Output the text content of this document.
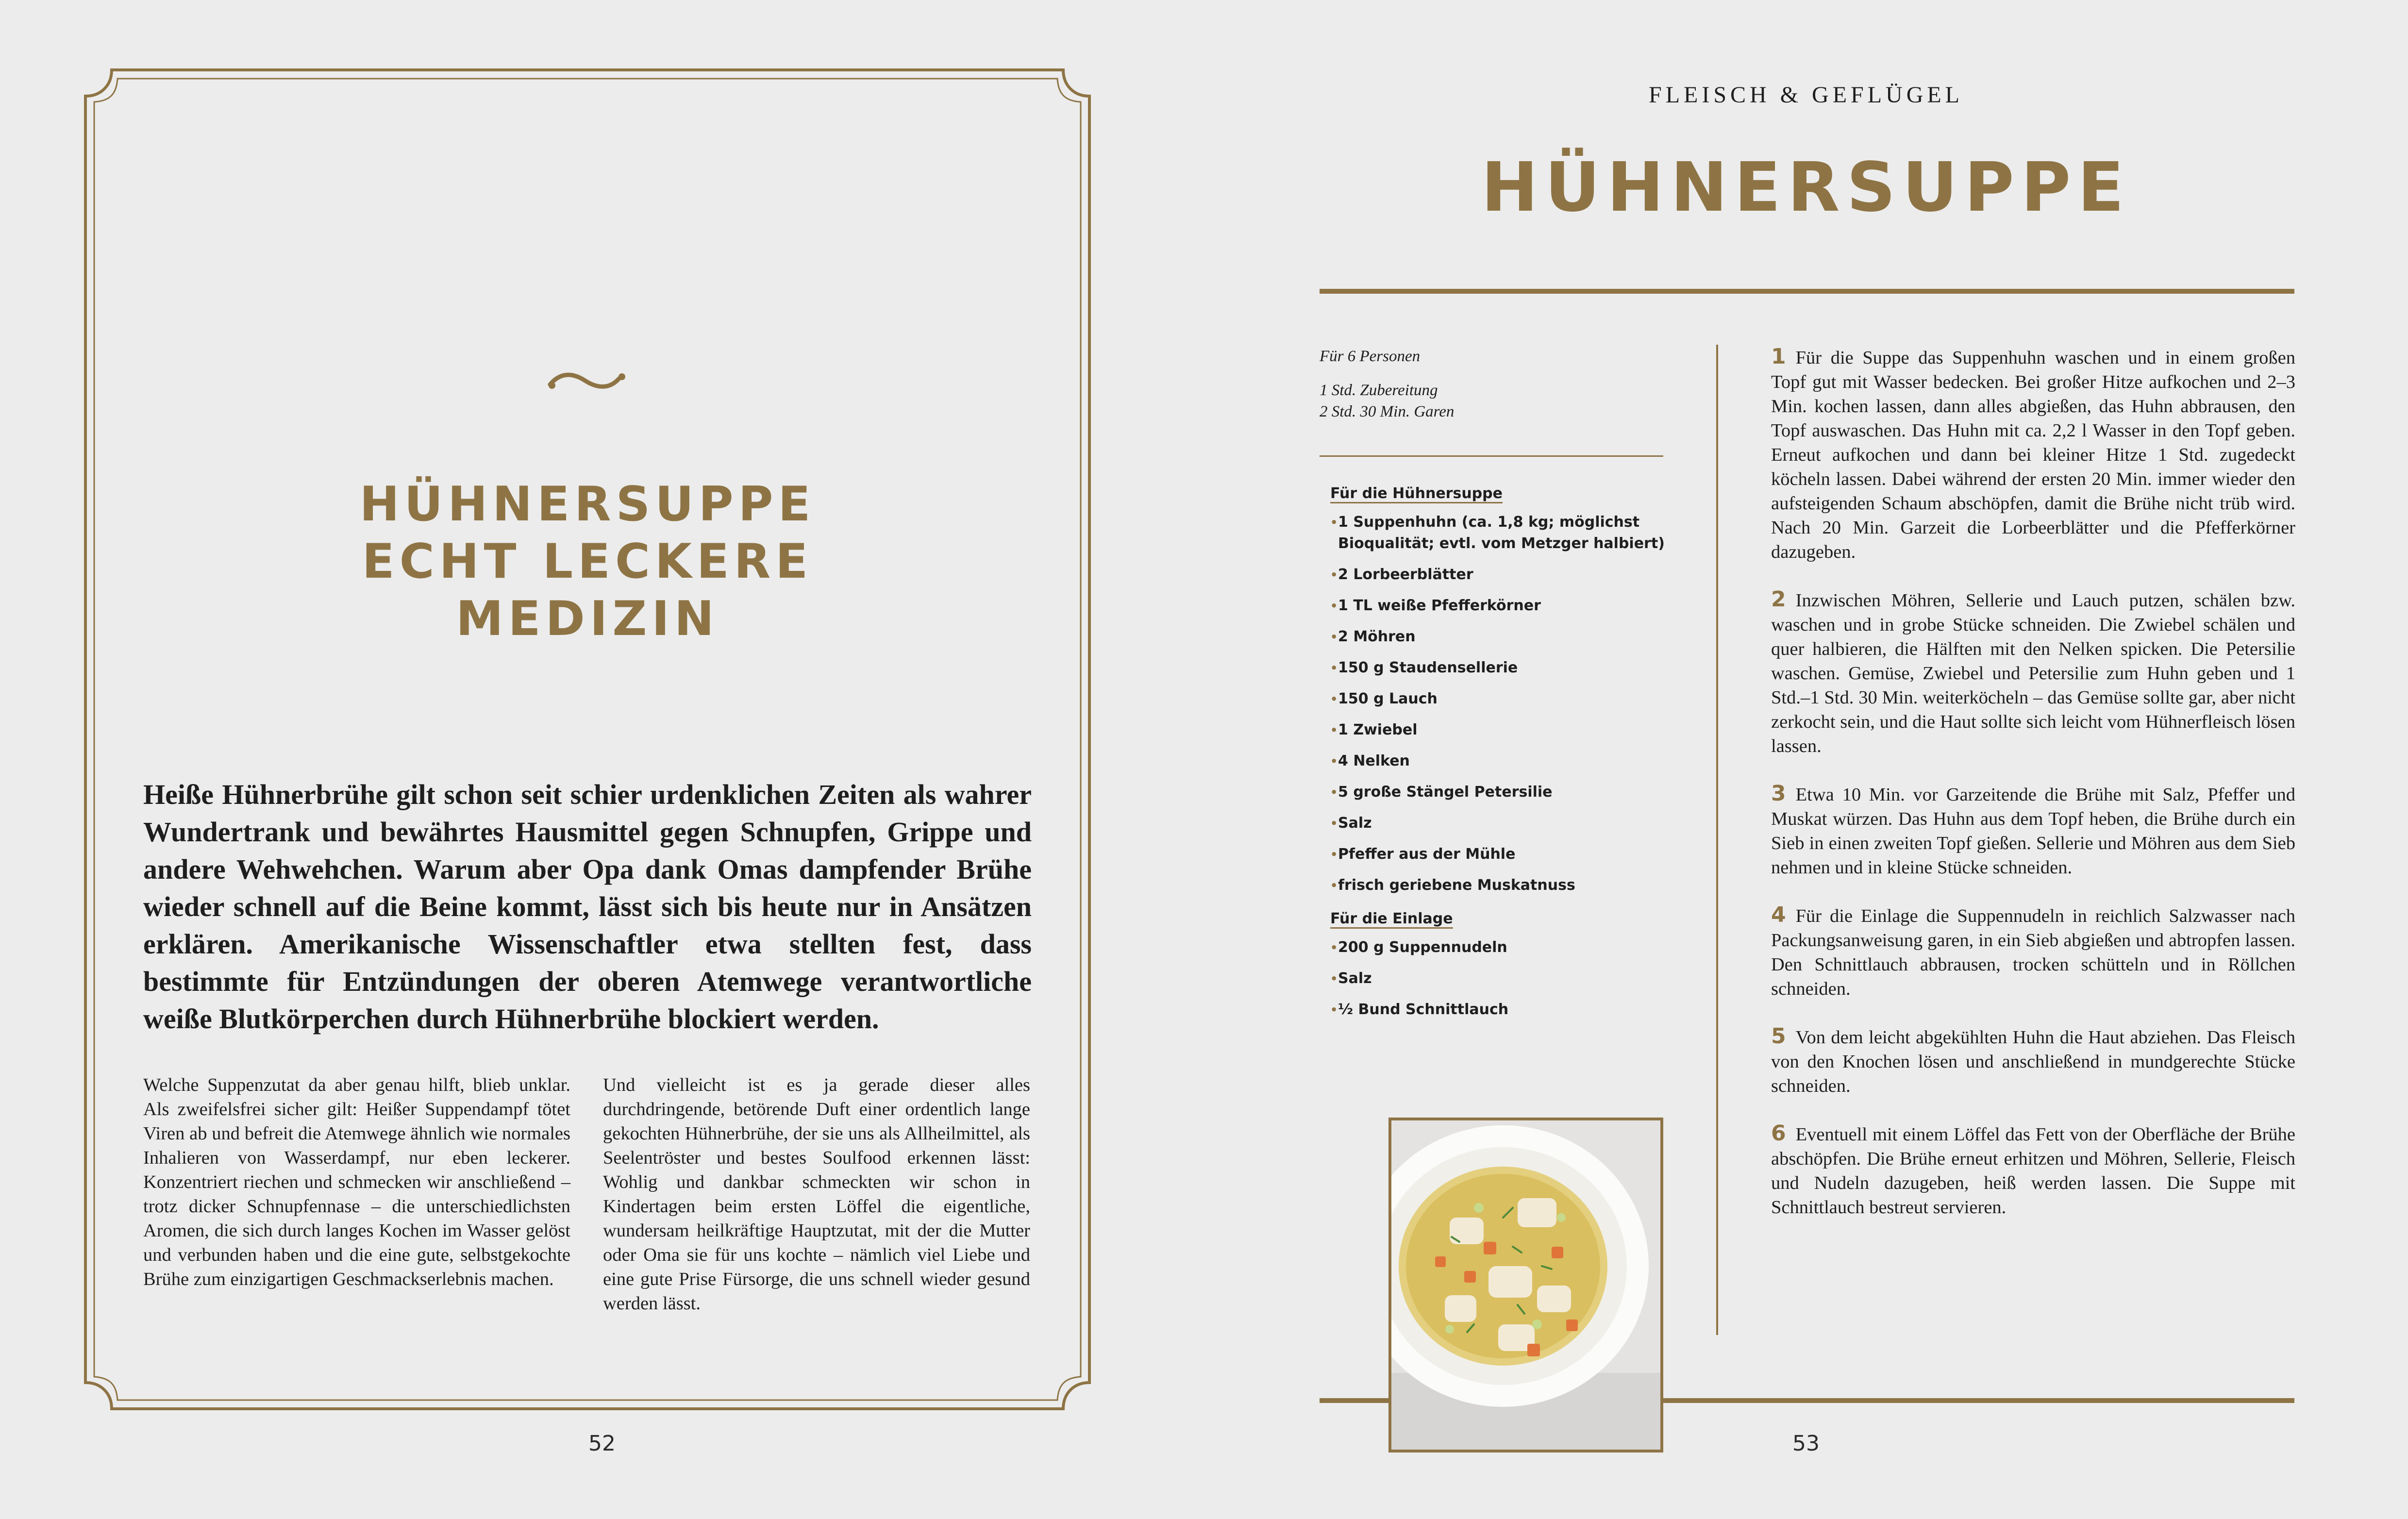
HÜHNERSUPPE
ECHT LECKERE MEDIZIN
Heiße Hühnerbrühe gilt schon seit schier urdenklichen Zeiten als wahrer Wundertrank und bewährtes Hausmittel gegen Schnupfen, Grippe und andere Wehwehchen. Warum aber Opa dank Omas dampfender Brühe wieder schnell auf die Beine kommt, lässt sich bis heute nur in Ansätzen erklären. Amerikanische Wissenschaftler etwa stellten fest, dass bestimmte für Entzündungen der oberen Atemwege verantwortliche weiße Blutkörperchen durch Hühnerbrühe blockiert werden.
Welche Suppenzutat da aber genau hilft, blieb unklar. Als zweifelsfrei sicher gilt: Heißer Suppendampf tötet Viren ab und befreit die Atemwege ähnlich wie normales Inhalieren von Wasserdampf, nur eben leckerer. Konzentriert riechen und schmecken wir anschließend – trotz dicker Schnupfennase – die unterschiedlichsten Aromen, die sich durch langes Kochen im Wasser gelöst und verbunden haben und die eine gute, selbstgekochte Brühe zum einzigartigen Geschmackserlebnis machen.
Und vielleicht ist es ja gerade dieser alles durchdringende, betörende Duft einer ordentlich lange gekochten Hühnerbrühe, der sie uns als Allheilmittel, als Seelentröster und bestes Soulfood erkennen lässt: Wohlig und dankbar schmeckten wir schon in Kindertagen beim ersten Löffel die eigentliche, wundersam heilkräftige Hauptzutat, mit der die Mutter oder Oma sie für uns kochte – nämlich viel Liebe und eine gute Prise Fürsorge, die uns schnell wieder gesund werden lässt.
52
FLEISCH & GEFLÜGEL
HÜHNERSUPPE
Für 6 Personen
1 Std. Zubereitung
2 Std. 30 Min. Garen
Für die Hühnersuppe
• 1 Suppenhuhn (ca. 1,8 kg; möglichst Bioqualität; evtl. vom Metzger halbiert)
• 2 Lorbeerblätter
• 1 TL weiße Pfefferkörner
• 2 Möhren
• 150 g Staudensellerie
• 150 g Lauch
• 1 Zwiebel
• 4 Nelken
• 5 große Stängel Petersilie
• Salz
• Pfeffer aus der Mühle
• frisch geriebene Muskatnuss
Für die Einlage
• 200 g Suppennudeln
• Salz
• ½ Bund Schnittlauch
1 Für die Suppe das Suppenhuhn waschen und in einem großen Topf gut mit Wasser bedecken. Bei großer Hitze aufkochen und 2–3 Min. kochen lassen, dann alles abgießen, das Huhn abbrausen, den Topf auswaschen. Das Huhn mit ca. 2,2 l Wasser in den Topf geben. Erneut aufkochen und dann bei kleiner Hitze 1 Std. zugedeckt köcheln lassen. Dabei während der ersten 20 Min. immer wieder den aufsteigenden Schaum abschöpfen, damit die Brühe nicht trüb wird. Nach 20 Min. Garzeit die Lorbeerblätter und die Pfefferkörner dazugeben.
2 Inzwischen Möhren, Sellerie und Lauch putzen, schälen bzw. waschen und in grobe Stücke schneiden. Die Zwiebel schälen und quer halbieren, die Hälften mit den Nelken spicken. Die Petersilie waschen. Gemüse, Zwiebel und Petersilie zum Huhn geben und 1 Std.–1 Std. 30 Min. weiterköcheln – das Gemüse sollte gar, aber nicht zerkocht sein, und die Haut sollte sich leicht vom Hühnerfleisch lösen lassen.
3 Etwa 10 Min. vor Garzeitende die Brühe mit Salz, Pfeffer und Muskat würzen. Das Huhn aus dem Topf heben, die Brühe durch ein Sieb in einen zweiten Topf gießen. Sellerie und Möhren aus dem Sieb nehmen und in kleine Stücke schneiden.
4 Für die Einlage die Suppennudeln in reichlich Salzwasser nach Packungsanweisung garen, in ein Sieb abgießen und abtropfen lassen. Den Schnittlauch abbrausen, trocken schütteln und in Röllchen schneiden.
5 Von dem leicht abgekühlten Huhn die Haut abziehen. Das Fleisch von den Knochen lösen und anschließend in mundgerechte Stücke schneiden.
6 Eventuell mit einem Löffel das Fett von der Oberfläche der Brühe abschöpfen. Die Brühe erneut erhitzen und Möhren, Sellerie, Fleisch und Nudeln dazugeben, heiß werden lassen. Die Suppe mit Schnittlauch bestreut servieren.
53
